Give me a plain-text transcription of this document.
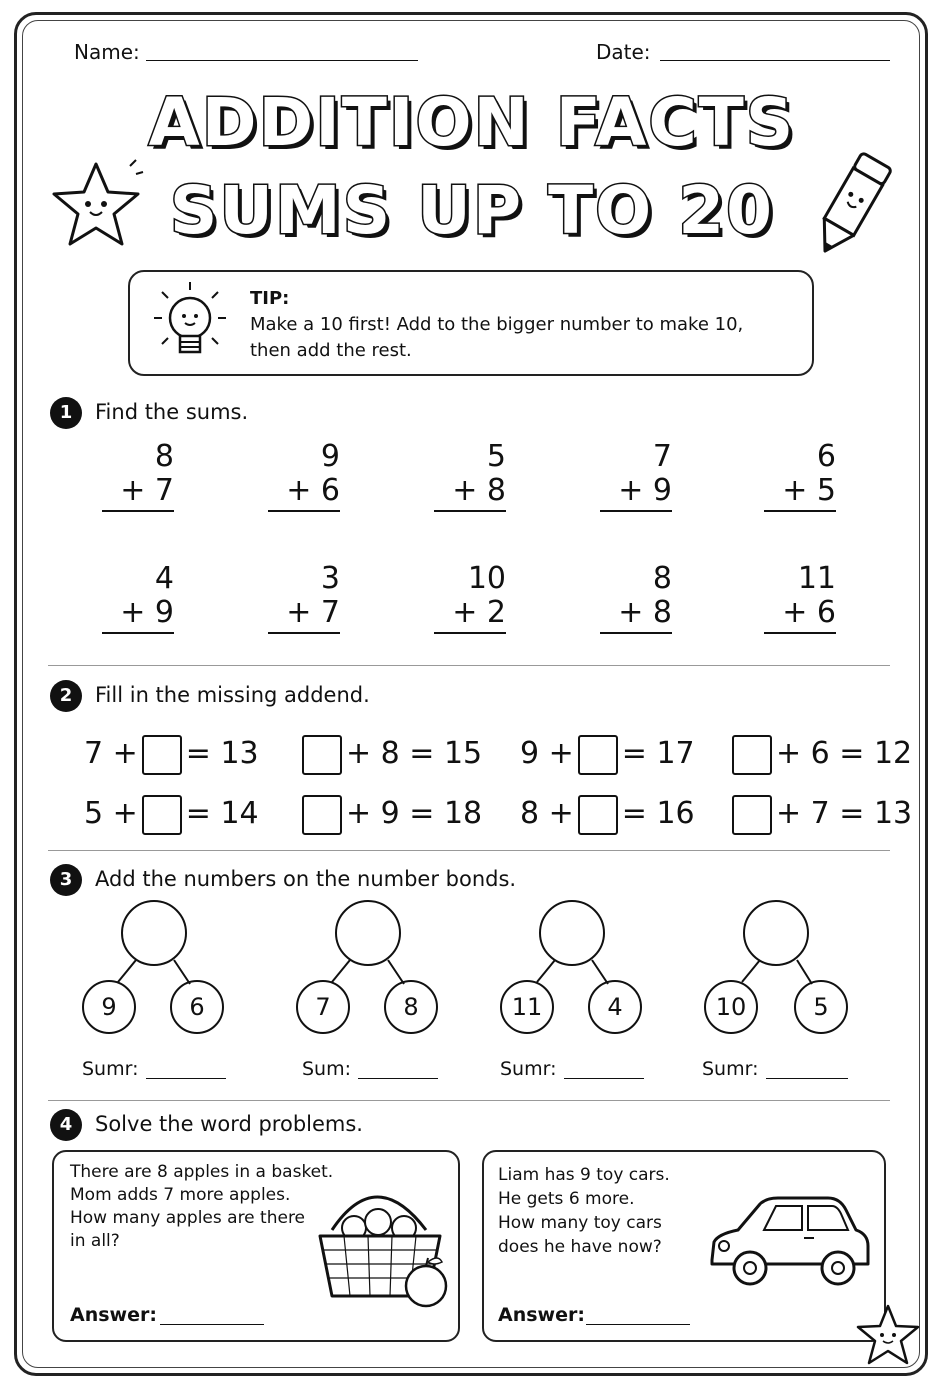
Name:	Date:
ADDITION FACTS
SUMS UP TO 20
TIP:
Make a 10 first! Add to the bigger number to make 10,
then add the rest.
1	Find the sums.
8
+ 7
9
+ 6
5
+ 8
7
+ 9
6
+ 5
4
+ 9
3
+ 7
10
+ 2
8
+ 8
11
+ 6
2	Fill in the missing addend.
7 + = 13	+ 8 = 15 9 + = 17	+ 6 = 12
5 + = 14	+ 9 = 18 8 + = 16	+ 7 = 13
3	Add the numbers on the number bonds.
9	6
Sumr:
7	8
Sum:
11	4
Sumr:
10	5
Sumr:
4	Solve the word problems.
There are 8 apples in a basket.
Mom adds 7 more apples.
How many apples are there
in all?
Answer:
Liam has 9 toy cars.
He gets 6 more.
How many toy cars
does he have now?
Answer:
